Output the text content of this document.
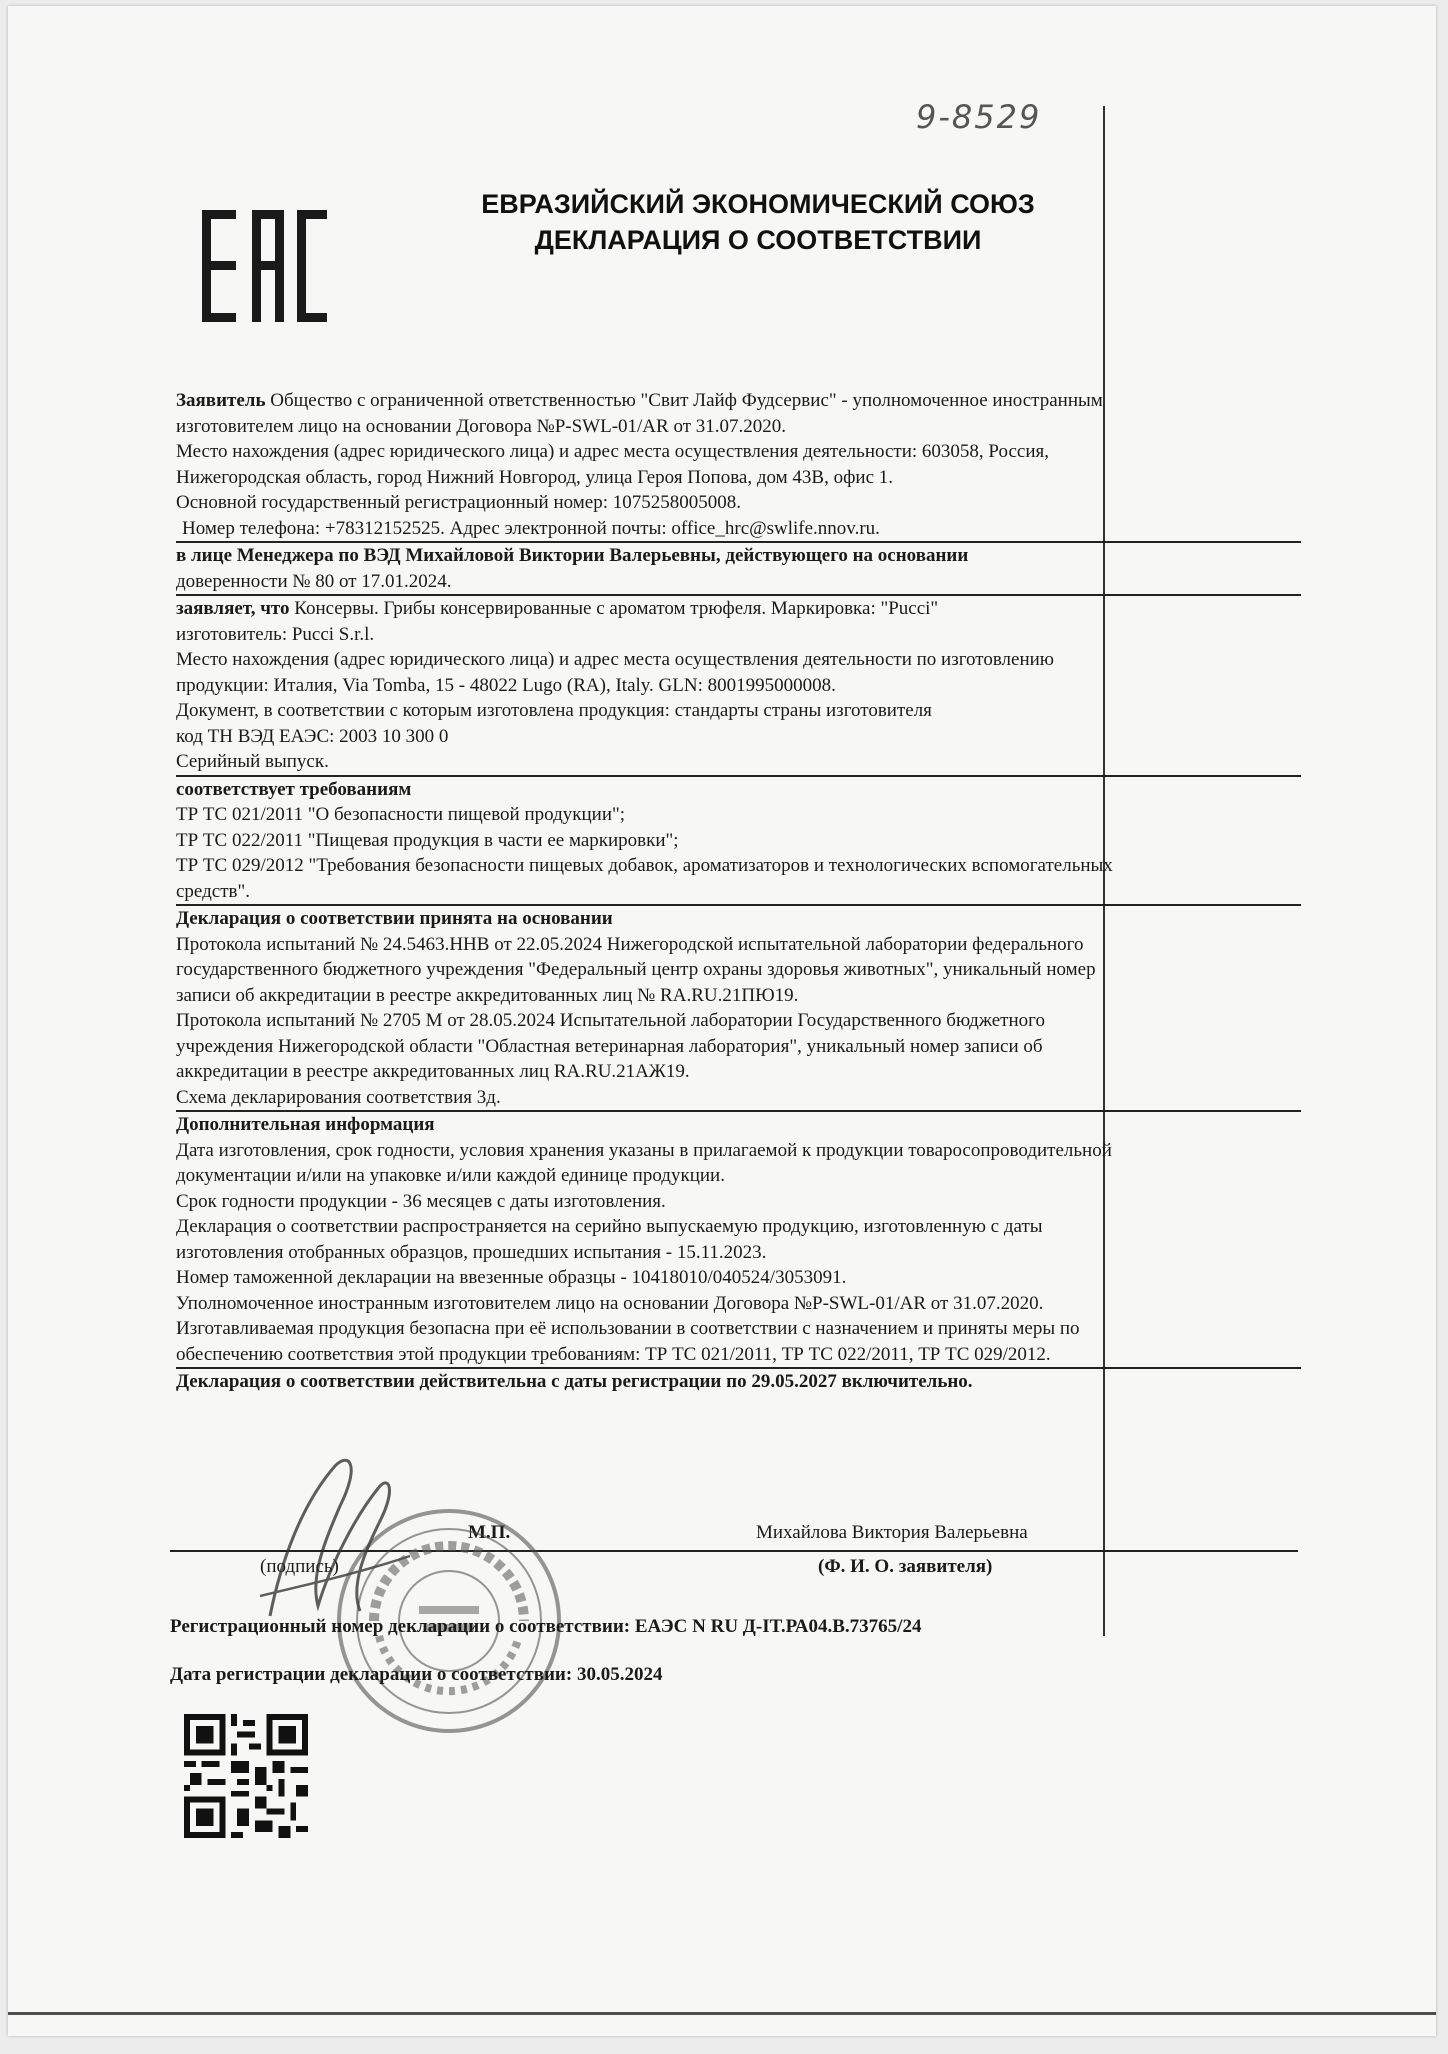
9-8529
ЕВРАЗИЙСКИЙ ЭКОНОМИЧЕСКИЙ СОЮЗ
ДЕКЛАРАЦИЯ О СООТВЕТСТВИИ

Заявитель Общество с ограниченной ответственностью "Свит Лайф Фудсервис" - уполномоченное иностранным

изготовителем лицо на основании Договора №P-SWL-01/AR от 31.07.2020.

Место нахождения (адрес юридического лица) и адрес места осуществления деятельности: 603058, Россия,

Нижегородская область, город Нижний Новгород, улица Героя Попова, дом 43В, офис 1.

Основной государственный регистрационный номер: 1075258005008.

Номер телефона: +78312152525. Адрес электронной почты: office_hrc@swlife.nnov.ru.

в лице Менеджера по ВЭД Михайловой Виктории Валерьевны, действующего на основании

доверенности № 80 от 17.01.2024.

заявляет, что Консервы. Грибы консервированные с ароматом трюфеля. Маркировка: "Pucci"

изготовитель: Pucci S.r.l.

Место нахождения (адрес юридического лица) и адрес места осуществления деятельности по изготовлению

продукции: Италия, Via Tomba, 15 - 48022 Lugo (RA), Italy. GLN: 8001995000008.

Документ, в соответствии с которым изготовлена продукция: стандарты страны изготовителя

код ТН ВЭД ЕАЭС: 2003 10 300 0

Серийный выпуск.

соответствует требованиям

ТР ТС 021/2011 "О безопасности пищевой продукции";

ТР ТС 022/2011 "Пищевая продукция в части ее маркировки";

ТР ТС 029/2012 "Требования безопасности пищевых добавок, ароматизаторов и технологических вспомогательных

средств".

Декларация о соответствии принята на основании

Протокола испытаний № 24.5463.ННВ от 22.05.2024 Нижегородской испытательной лаборатории федерального

государственного бюджетного учреждения "Федеральный центр охраны здоровья животных", уникальный номер

записи об аккредитации в реестре аккредитованных лиц № RA.RU.21ПЮ19.

Протокола испытаний № 2705 М от 28.05.2024 Испытательной лаборатории Государственного бюджетного

учреждения Нижегородской области "Областная ветеринарная лаборатория", уникальный номер записи об

аккредитации в реестре аккредитованных лиц RA.RU.21АЖ19.

Схема декларирования соответствия 3д.

Дополнительная информация

Дата изготовления, срок годности, условия хранения указаны в прилагаемой к продукции товаросопроводительной

документации и/или на упаковке и/или каждой единице продукции.

Срок годности продукции - 36 месяцев с даты изготовления.

Декларация о соответствии распространяется на серийно выпускаемую продукцию, изготовленную с даты

изготовления отобранных образцов, прошедших испытания - 15.11.2023.

Номер таможенной декларации на ввезенные образцы - 10418010/040524/3053091.

Уполномоченное иностранным изготовителем лицо на основании Договора №P-SWL-01/AR от 31.07.2020.

Изготавливаемая продукция безопасна при её использовании в соответствии с назначением и приняты меры по

обеспечению соответствия этой продукции требованиям: ТР ТС 021/2011, ТР ТС 022/2011, ТР ТС 029/2012.

Декларация о соответствии действительна с даты регистрации по 29.05.2027 включительно.

М.П.	Михайлова Виктория Валерьевна
(подпись)	(Ф. И. О. заявителя)
Регистрационный номер декларации о соответствии: ЕАЭС N RU Д-IT.РА04.В.73765/24
Дата регистрации декларации о соответствии: 30.05.2024
